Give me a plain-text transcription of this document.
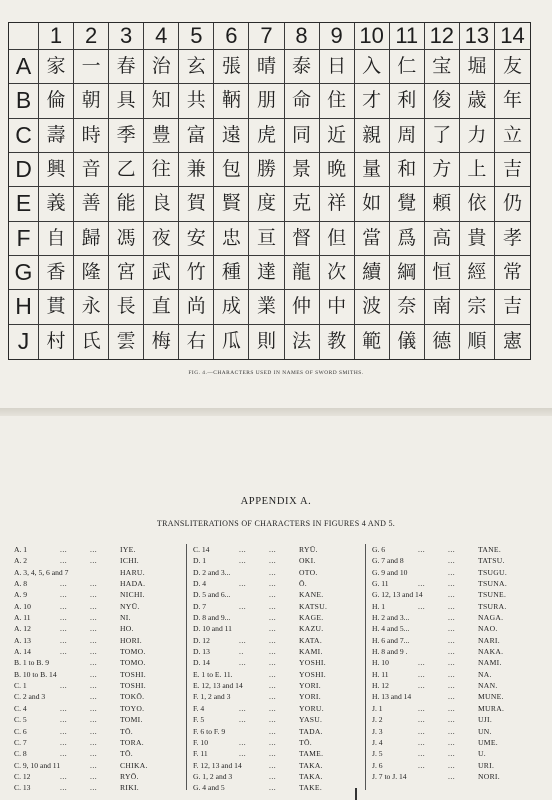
1	2	3	4	5	6	7	8	9 10 11 12 13 14
A 家 一 春 治 玄 張 晴 泰 日 入 仁 宝 堀 友
B 倫 朝 具 知 共 鞆 朋 命 住 才 利 俊 歳 年
C 壽 時 季 豊 富 遠 虎 同 近 親 周 了 力 立
D 興 音 乙 往 兼 包 勝 景 晩 量 和 方 上 吉
E 義 善 能 良 賀 賢 度 克 祥 如 覺 頼 依 仍
F 自 歸 馮 夜 安 忠 亘 督 但 當 爲 高 貴 孝
G 香 隆 宮 武 竹 種 達 龍 次 續 綱 恒 經 常
H 貫 永 長 直 尚 成 業 仲 中 波 奈 南 宗 吉
J 村 氏 雲 梅 右 瓜 則 法 教 範 儀 德 順 憲
FIG. 4.—CHARACTERS USED IN NAMES OF SWORD SMITHS.
APPENDIX A.
TRANSLITERATIONS OF CHARACTERS IN FIGURES 4 AND 5.
A. 1	...	...	IYE.
A. 2	...	...	ICHI.
A. 3, 4, 5, 6 and 7	HARU.
A. 8	...	...	HADA.
A. 9	...	...	NICHI.
A. 10	...	...	NYŪ.
A. 11	...	...	NI.
A. 12	...	...	HO.
A. 13	...	...	HORI.
A. 14	...	...	TOMO.
B. 1 to B. 9	...	TOMO.
B. 10 to B. 14	...	TOSHI.
C. 1	...	...	TOSHI.
C. 2 and 3	...	TOKŌ.
C. 4	...	...	TOYO.
C. 5	...	...	TOMI.
C. 6	...	...	TŌ.
C. 7	...	...	TORA.
C. 8	...	...	TŌ.
C. 9, 10 and 11	...	CHIKA.
C. 12	...	...	RYŌ.
C. 13	...	...	RIKI.
C. 14	...	...	RYŪ.
D. 1	...	...	OKI.
D. 2 and 3...	...	OTO.
D. 4	...	...	Ō.
D. 5 and 6...	...	KANE.
D. 7	...	...	KATSU.
D. 8 and 9...	...	KAGE.
D. 10 and 11	...	KAZU.
D. 12	...	...	KATA.
D. 13	..	...	KAMI.
D. 14	...	...	YOSHI.
E. 1 to E. 11.	...	YOSHI.
E. 12, 13 and 14	...	YORI.
F. 1, 2 and 3	...	YORI.
F. 4	...	...	YORU.
F. 5	...	...	YASU.
F. 6 to F. 9	...	TADA.
F. 10	...	...	TŌ.
F. 11	...	...	TAME.
F. 12, 13 and 14	...	TAKA.
G. 1, 2 and 3	...	TAKA.
G. 4 and 5	...	TAKE.
G. 6	...	...	TANE.
G. 7 and 8	...	TATSU.
G. 9 and 10	...	TSUGU.
G. 11	...	...	TSUNA.
G. 12, 13 and 14	...	TSUNE.
H. 1	...	...	TSURA.
H. 2 and 3...	...	NAGA.
H. 4 and 5...	...	NAO.
H. 6 and 7...	...	NARI.
H. 8 and 9 .	...	NAKA.
H. 10	...	...	NAMI.
H. 11	...	...	NA.
H. 12	...	...	NAN.
H. 13 and 14	...	MUNE.
J. 1	...	...	MURA.
J. 2	...	...	UJI.
J. 3	...	...	UN.
J. 4	...	...	UME.
J. 5	...	...	U.
J. 6	...	...	URI.
J. 7 to J. 14	...	NORI.
